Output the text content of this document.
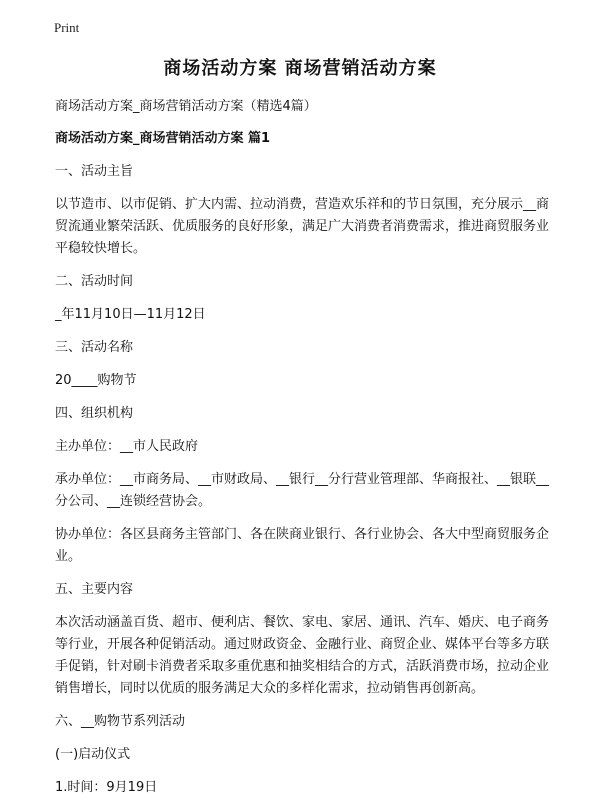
Print
商场活动方案 商场营销活动方案

商场活动方案_商场营销活动方案（精选4篇）

商场活动方案_商场营销活动方案 篇1

一、活动主旨

以节造市、以市促销、扩大内需、拉动消费，营造欢乐祥和的节日氛围，充分展示__商贸流通业繁荣活跃、优质服务的良好形象，满足广大消费者消费需求，推进商贸服务业平稳较快增长。

二、活动时间

_年11月10日—11月12日

三、活动名称

20____购物节

四、组织机构

主办单位：__市人民政府

承办单位：__市商务局、__市财政局、__银行__分行营业管理部、华商报社、__银联__分公司、__连锁经营协会。

协办单位：各区县商务主管部门、各在陕商业银行、各行业协会、各大中型商贸服务企业。

五、主要内容

本次活动涵盖百货、超市、便利店、餐饮、家电、家居、通讯、汽车、婚庆、电子商务等行业，开展各种促销活动。通过财政资金、金融行业、商贸企业、媒体平台等多方联手促销，针对刷卡消费者采取多重优惠和抽奖相结合的方式，活跃消费市场，拉动企业销售增长，同时以优质的服务满足大众的多样化需求，拉动销售再创新高。

六、__购物节系列活动

(一)启动仪式

1.时间：9月19日
